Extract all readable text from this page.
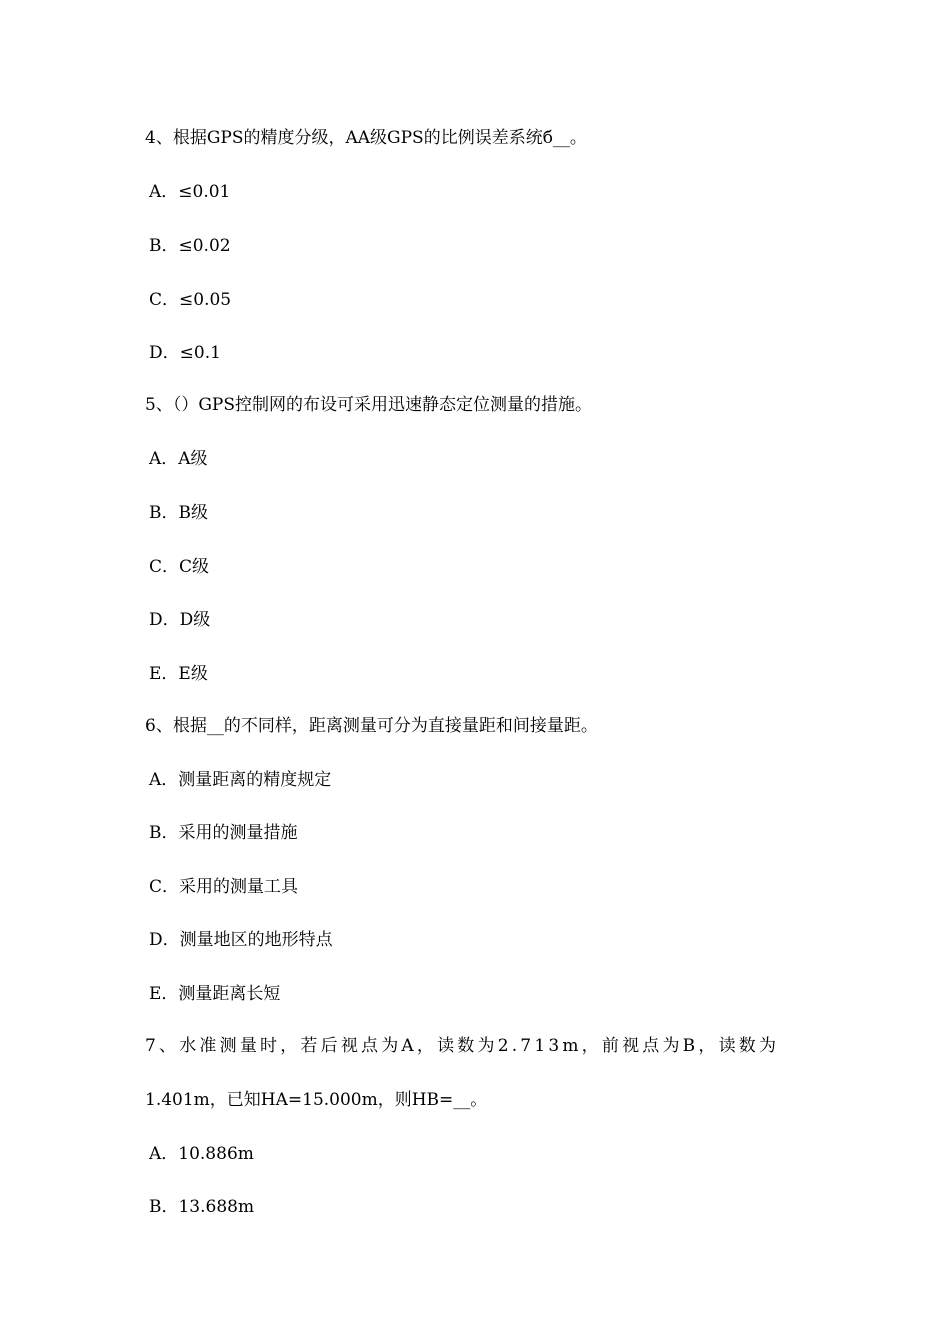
4、根据GPS的精度分级，AA级GPS的比例误差系统б__。
A．≤0.01
B．≤0.02
C．≤0.05
D．≤0.1
5、（）GPS控制网的布设可采用迅速静态定位测量的措施。
A．A级
B．B级
C．C级
D．D级
E．E级
6、根据__的不同样，距离测量可分为直接量距和间接量距。
A．测量距离的精度规定
B．采用的测量措施
C．采用的测量工具
D．测量地区的地形特点
E．测量距离长短
7、水准测量时，若后视点为A，读数为2.713m，前视点为B，读数为
1.401m，已知HA=15.000m，则HB=__。
A．10.886m
B．13.688m
